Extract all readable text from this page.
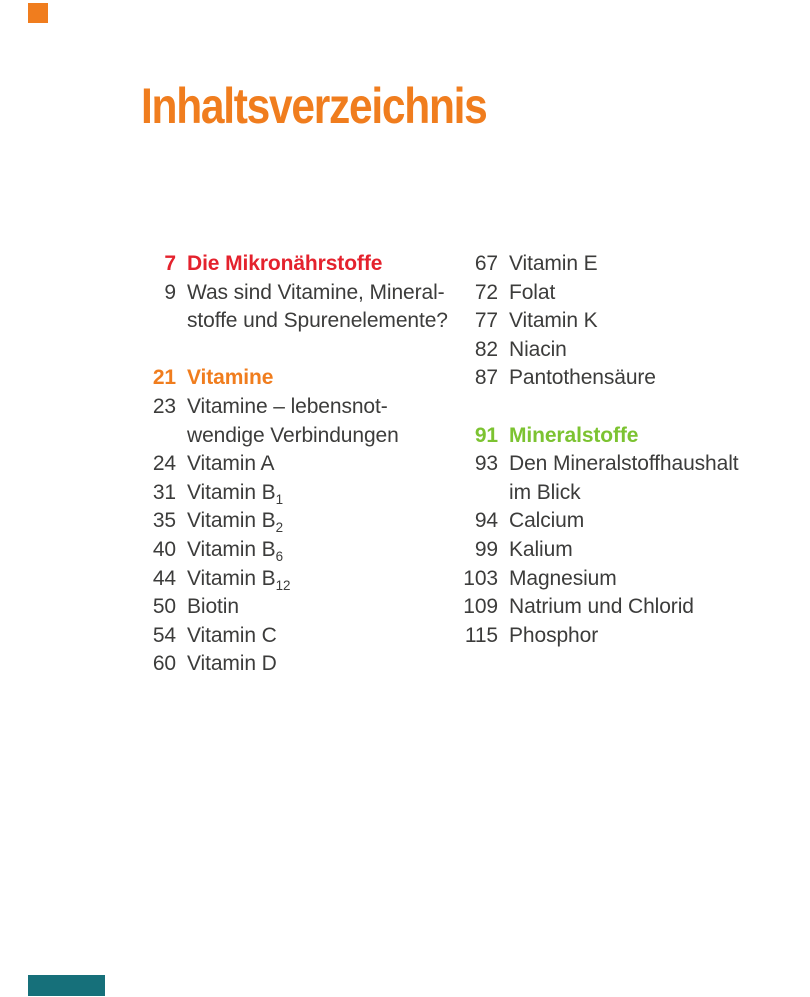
Inhaltsverzeichnis
7 Die Mikronährstoffe
9 Was sind Vitamine, Mineral-
stoffe und Spurenelemente?
21 Vitamine
23 Vitamine – lebensnot-
wendige Verbindungen
24 Vitamin A
31 Vitamin $B_1$
35 Vitamin $B_2$
40 Vitamin $B_6$
44 Vitamin $B_{12}$
50 Biotin
54 Vitamin C
60 Vitamin D
67 Vitamin E
72 Folat
77 Vitamin K
82 Niacin
87 Pantothensäure
91 Mineralstoffe
93 Den Mineralstoffhaushalt
im Blick
94 Calcium
99 Kalium
103 Magnesium
109 Natrium und Chlorid
115 Phosphor
